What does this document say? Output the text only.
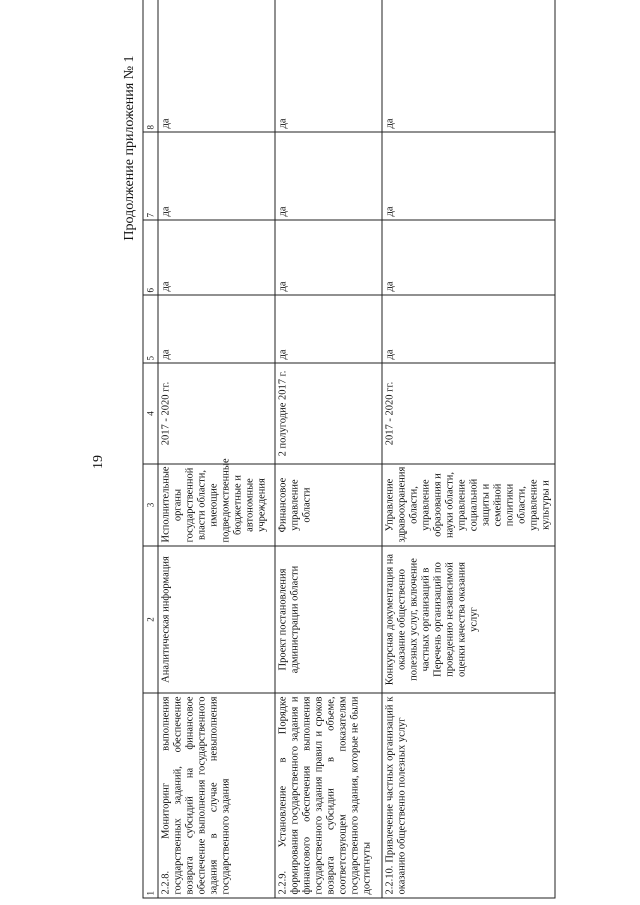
19
Продолжение приложения № 1
1	2	3	4	5	6	7	8
2.2.8. Мониторинг выполнения государственных заданий, обеспечение возврата субсидий на финансовое обеспечение выполнения государственного задания в случае невыполнения государственного задания	Аналитическая информация	Исполнительные органы государственной власти области, имеющие подведомственные бюджетные и автономные учреждения	2017 - 2020 гг.	да	да	да	да
2.2.9. Установление в Порядке формирования государственного задания и финансового обеспечения выполнения государственного задания правил и сроков возврата субсидии в объеме, соответствующем показателям государственного задания, которые не были достигнуты	Проект постановления администрации области	Финансовое управление области	2 полугодие 2017 г.	да	да	да	да
2.2.10. Привлечение частных организаций к оказанию общественно полезных услуг	Конкурсная документация на оказание общественно полезных услуг, включение частных организаций в Перечень организаций по проведению независимой оценки качества оказания услуг	Управление здравоохранения области, управление образования и науки области, управление социальной защиты и семейной политики области, управление культуры и	2017 - 2020 гг.	да	да	да	да
